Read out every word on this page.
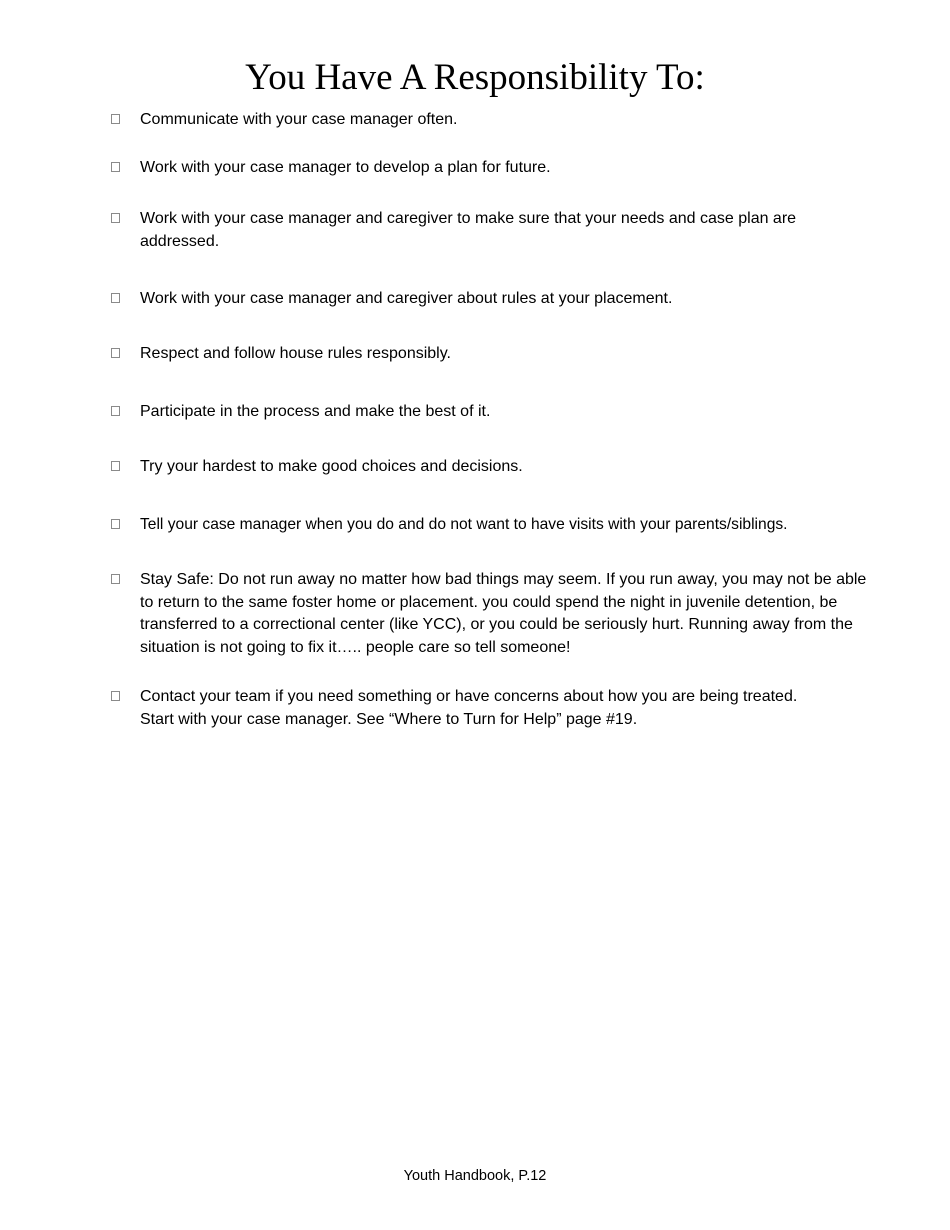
You Have A Responsibility To:
Communicate with your case manager often.
Work with your case manager to develop a plan for future.
Work with your case manager and caregiver to make sure that your needs and case plan are addressed.
Work with your case manager and caregiver about rules at your placement.
Respect and follow house rules responsibly.
Participate in the process and make the best of it.
Try your hardest to make good choices and decisions.
Tell your case manager when you do and do not want to have visits with your parents/siblings.
Stay Safe: Do not run away no matter how bad things may seem. If you run away, you may not be able to return to the same foster home or placement. you could spend the night in juvenile detention, be transferred to a correctional center (like YCC), or you could be seriously hurt. Running away from the situation is not going to fix it….. people care so tell someone!
Contact your team if you need something or have concerns about how you are being treated. Start with your case manager. See “Where to Turn for Help” page #19.
Youth Handbook, P.12
